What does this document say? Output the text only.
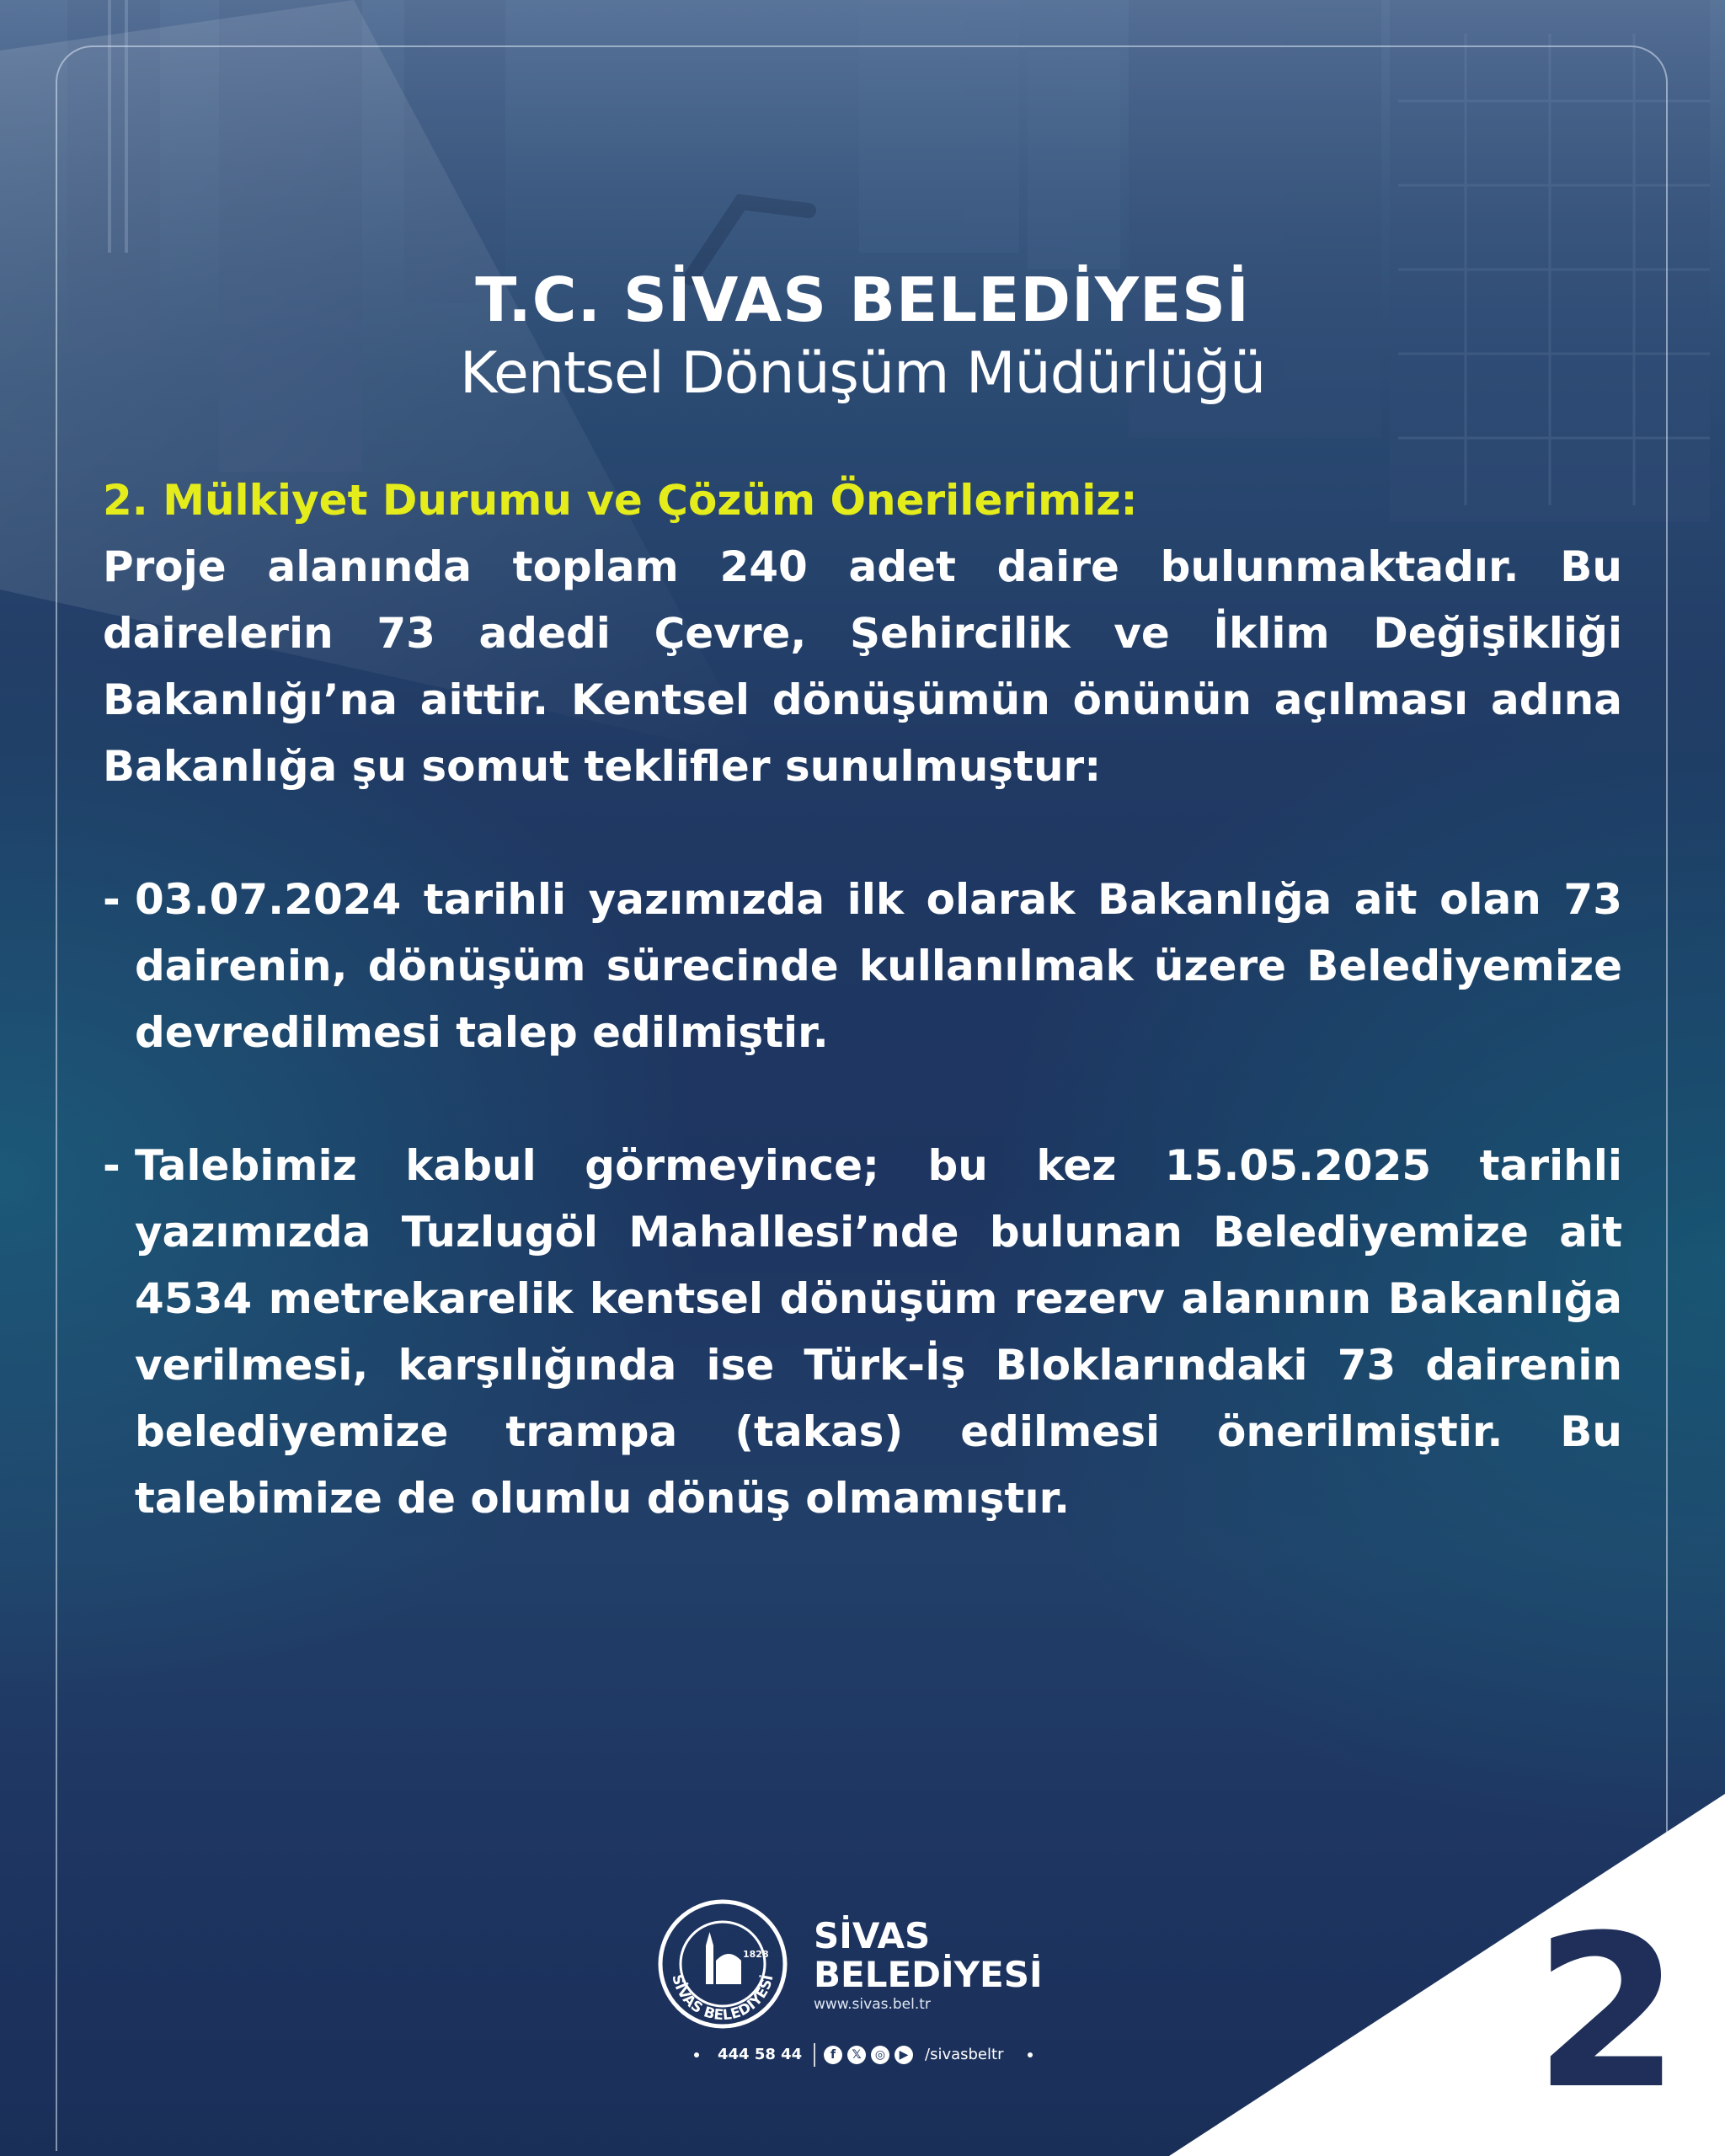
T.C. SİVAS BELEDİYESİ
Kentsel Dönüşüm Müdürlüğü
2. Mülkiyet Durumu ve Çözüm Önerilerimiz:
Proje alanında toplam 240 adet daire bulunmaktadır. Bu dairelerin 73 adedi Çevre, Şehircilik ve İklim Değişikliği Bakanlığı’na aittir. Kentsel dönüşümün önünün açılması adına Bakanlığa şu somut teklifler sunulmuştur:
- 03.07.2024 tarihli yazımızda ilk olarak Bakanlığa ait olan 73 dairenin, dönüşüm sürecinde kullanılmak üzere Belediyemize devredilmesi talep edilmiştir.
- Talebimiz kabul görmeyince; bu kez 15.05.2025 tarihli yazımızda Tuzlugöl Mahallesi’nde bulunan Belediyemize ait 4534 metrekarelik kentsel dönüşüm rezerv alanının Bakanlığa verilmesi, karşılığında ise Türk-İş Bloklarındaki 73 dairenin belediyemize trampa (takas) edilmesi önerilmiştir. Bu talebimize de olumlu dönüş olmamıştır.
1828
SİVAS BELEDİYESİ
SİVAS
BELEDİYESİ
www.sivas.bel.tr
444 58 44	f	𝕏	◎	▶	/sivasbeltr	2
